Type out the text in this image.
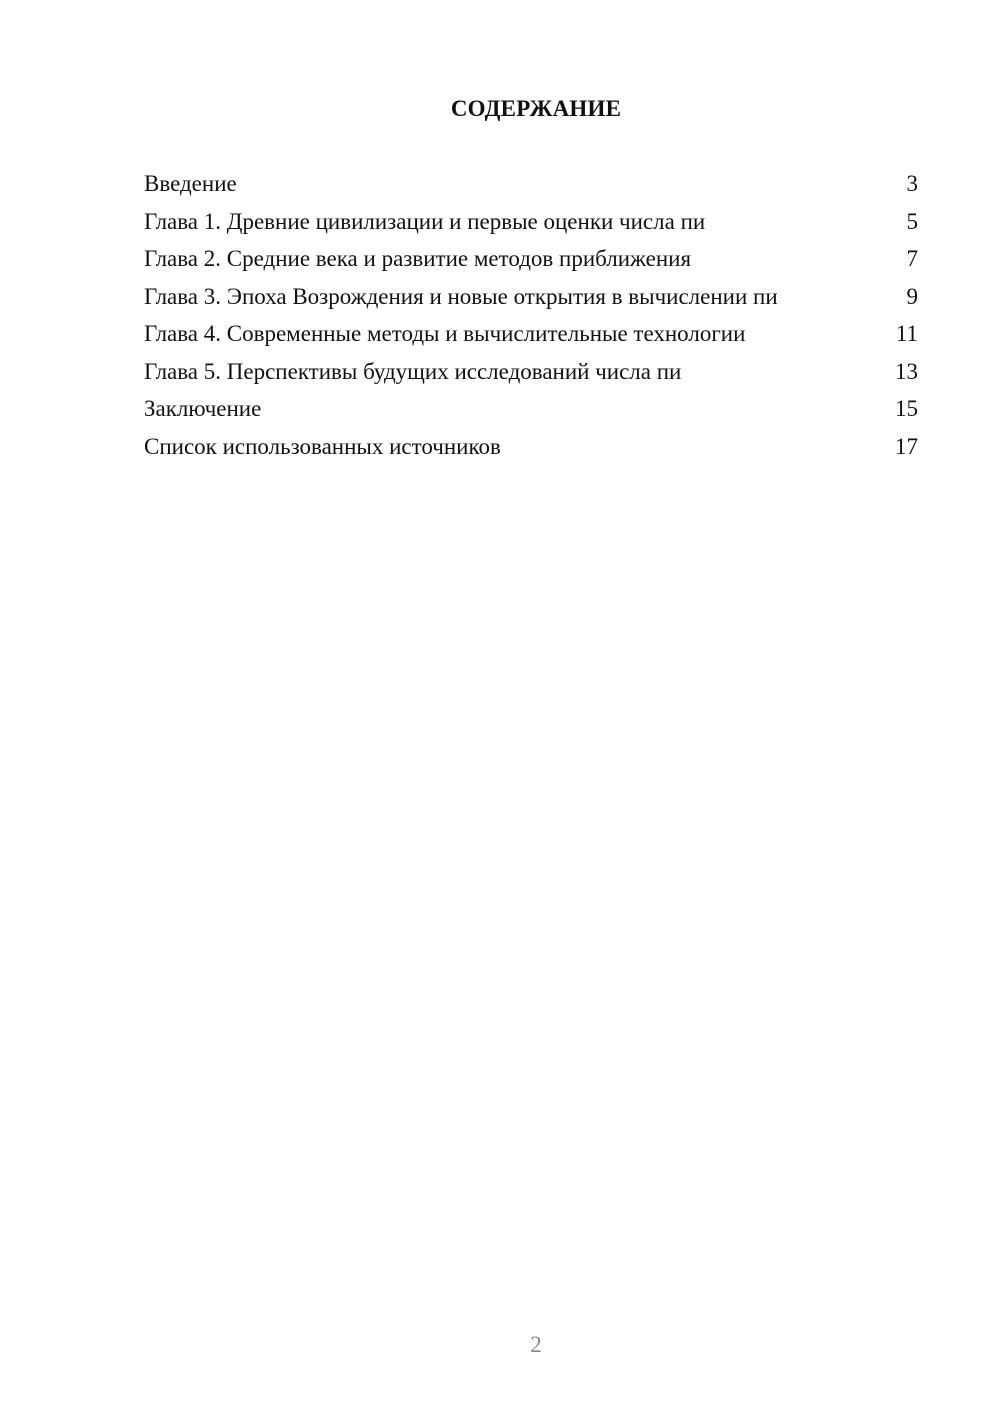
СОДЕРЖАНИЕ
Введение	3
Глава 1. Древние цивилизации и первые оценки числа пи	5
Глава 2. Средние века и развитие методов приближения	7
Глава 3. Эпоха Возрождения и новые открытия в вычислении пи	9
Глава 4. Современные методы и вычислительные технологии	11
Глава 5. Перспективы будущих исследований числа пи	13
Заключение	15
Список использованных источников	17
2
